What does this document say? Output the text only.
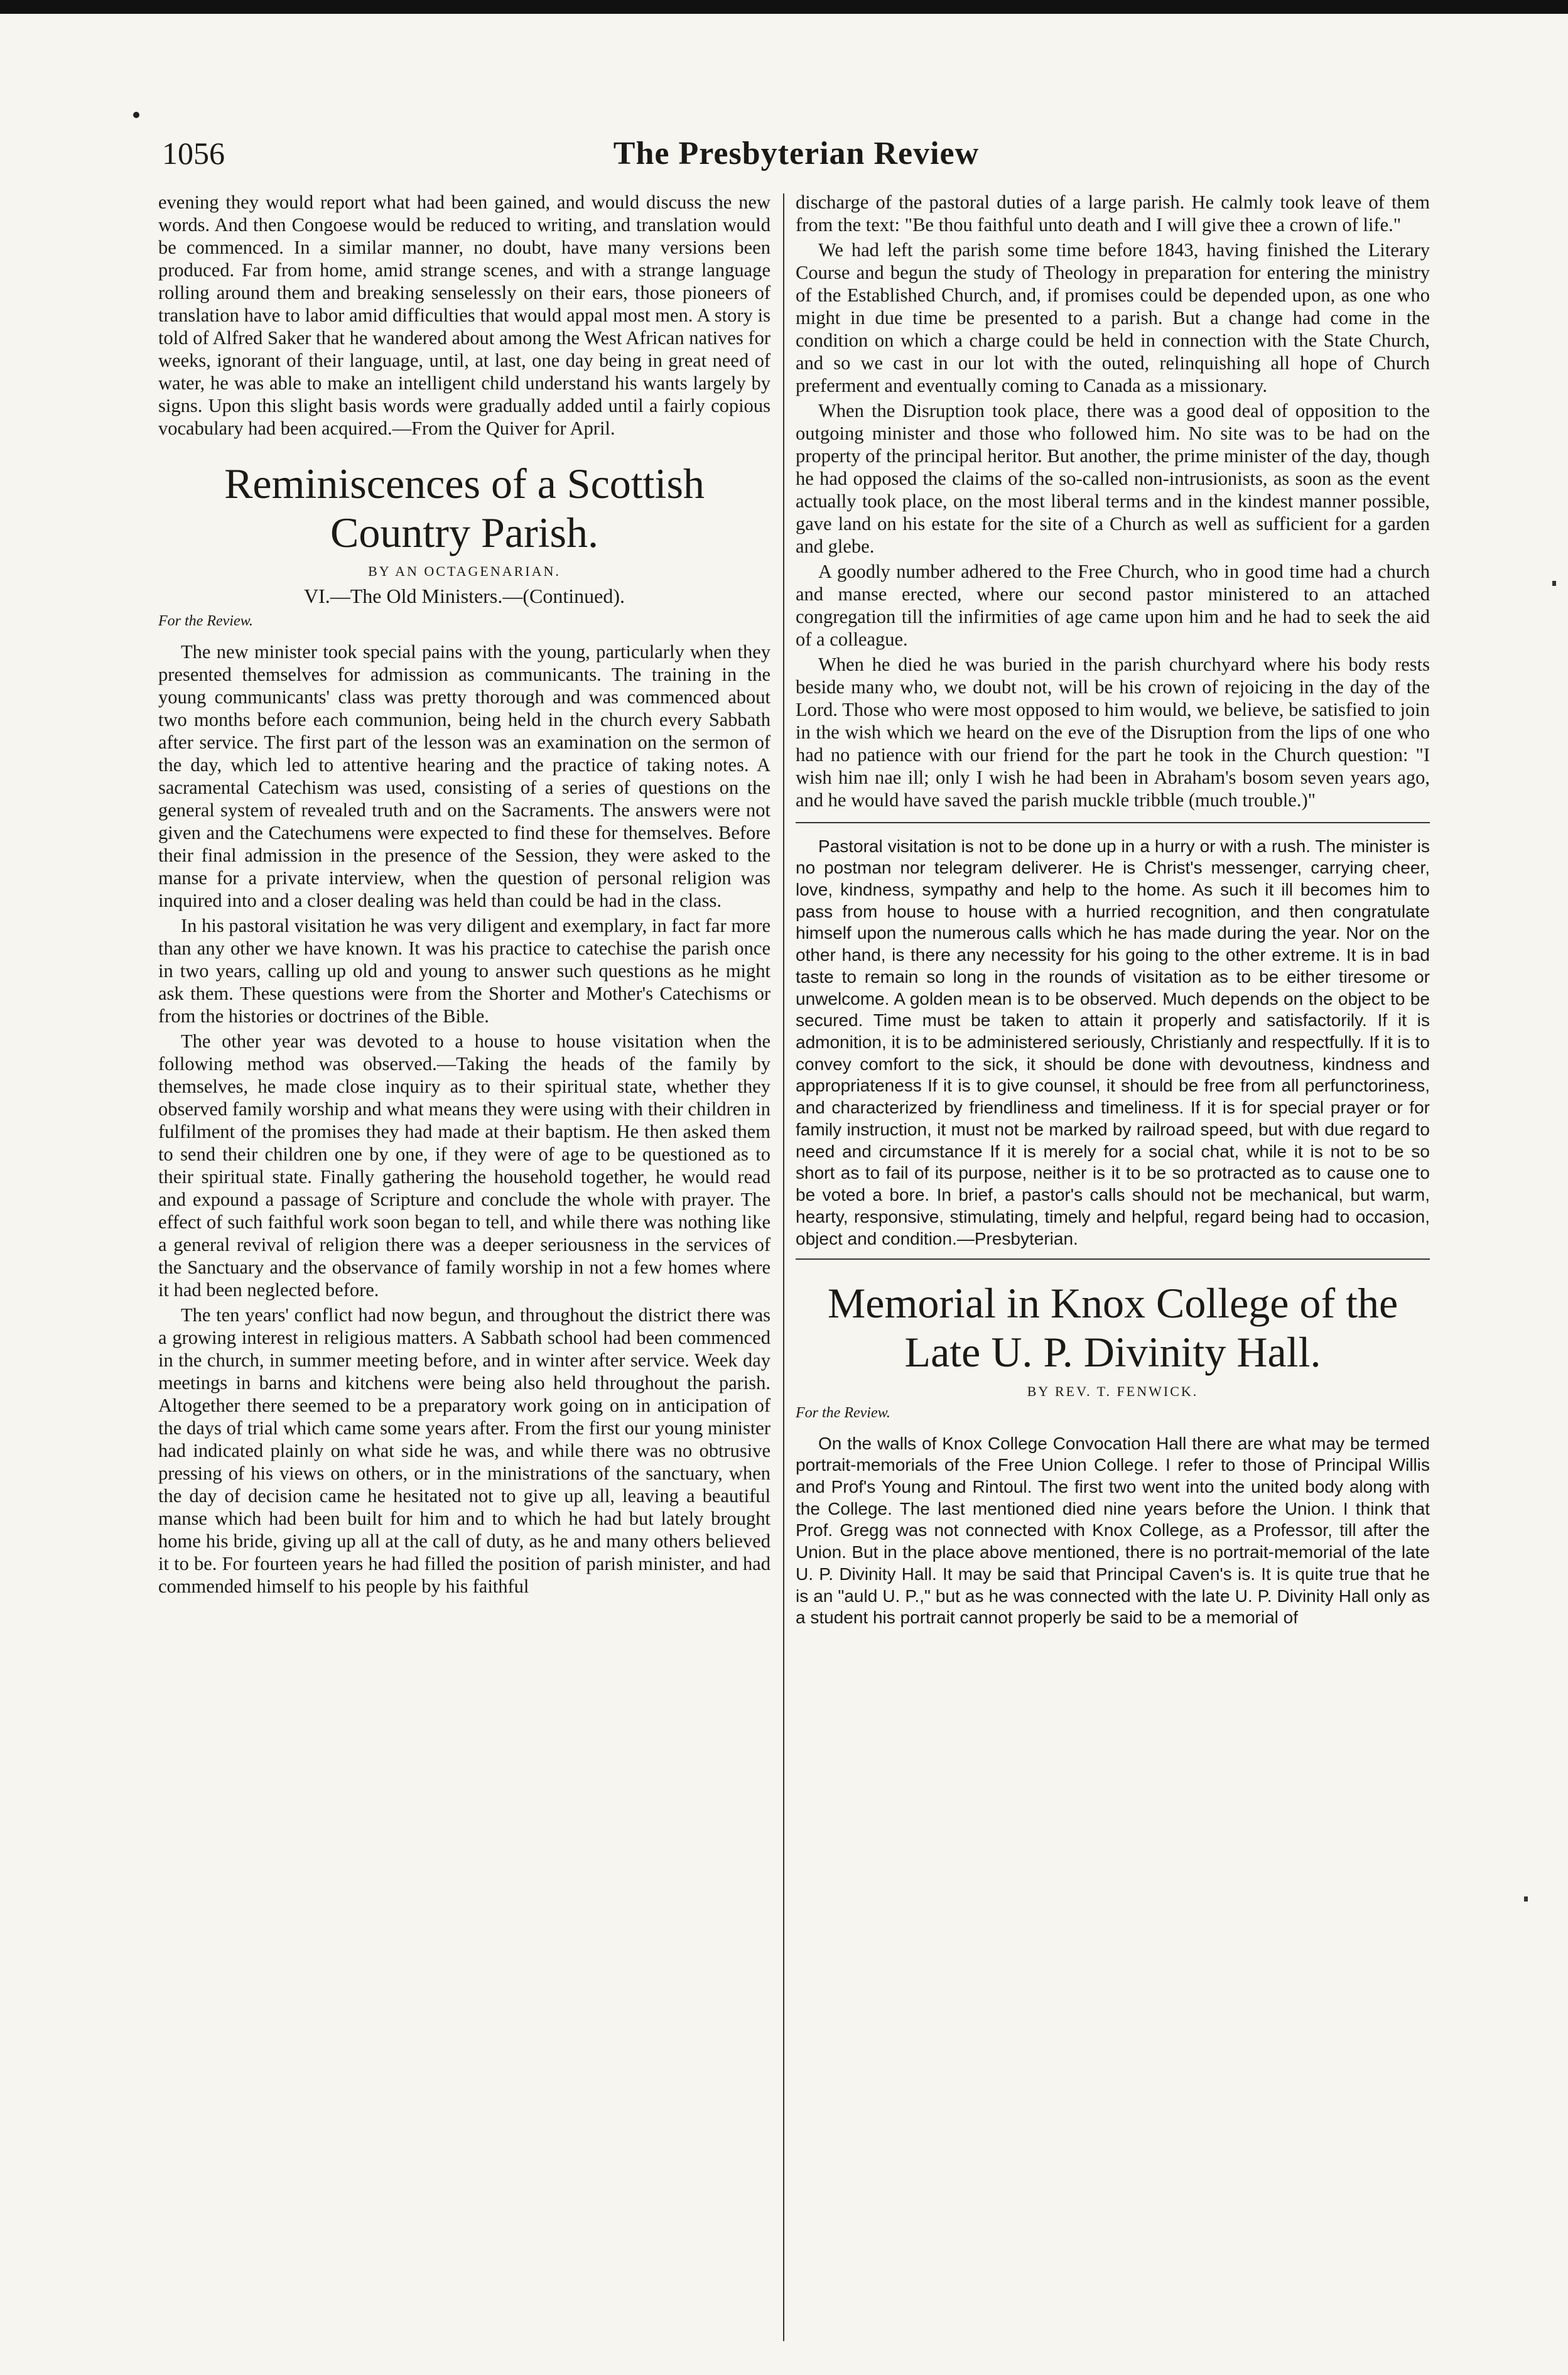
1056	The Presbyterian Review

evening they would report what had been gained, and would discuss the new words. And then Congoese would be reduced to writing, and translation would be commenced. In a similar manner, no doubt, have many versions been produced. Far from home, amid strange scenes, and with a strange language rolling around them and breaking senselessly on their ears, those pioneers of translation have to labor amid difficulties that would appal most men. A story is told of Alfred Saker that he wandered about among the West African natives for weeks, ignorant of their language, until, at last, one day being in great need of water, he was able to make an intelligent child understand his wants largely by signs. Upon this slight basis words were gradually added until a fairly copious vocabulary had been acquired.—From the Quiver for April.

Reminiscences of a Scottish Country Parish.
BY AN OCTAGENARIAN.
VI.—The Old Ministers.—(Continued).
For the Review.

The new minister took special pains with the young, particularly when they presented themselves for admission as communicants. The training in the young communicants' class was pretty thorough and was commenced about two months before each communion, being held in the church every Sabbath after service. The first part of the lesson was an examination on the sermon of the day, which led to attentive hearing and the practice of taking notes. A sacramental Catechism was used, consisting of a series of questions on the general system of revealed truth and on the Sacraments. The answers were not given and the Catechumens were expected to find these for themselves. Before their final admission in the presence of the Session, they were asked to the manse for a private interview, when the question of personal religion was inquired into and a closer dealing was held than could be had in the class.

In his pastoral visitation he was very diligent and exemplary, in fact far more than any other we have known. It was his practice to catechise the parish once in two years, calling up old and young to answer such questions as he might ask them. These questions were from the Shorter and Mother's Catechisms or from the histories or doctrines of the Bible.

The other year was devoted to a house to house visitation when the following method was observed.—Taking the heads of the family by themselves, he made close inquiry as to their spiritual state, whether they observed family worship and what means they were using with their children in fulfilment of the promises they had made at their baptism. He then asked them to send their children one by one, if they were of age to be questioned as to their spiritual state. Finally gathering the household together, he would read and expound a passage of Scripture and conclude the whole with prayer. The effect of such faithful work soon began to tell, and while there was nothing like a general revival of religion there was a deeper seriousness in the services of the Sanctuary and the observance of family worship in not a few homes where it had been neglected before.

The ten years' conflict had now begun, and throughout the district there was a growing interest in religious matters. A Sabbath school had been commenced in the church, in summer meeting before, and in winter after service. Week day meetings in barns and kitchens were being also held throughout the parish. Altogether there seemed to be a preparatory work going on in anticipation of the days of trial which came some years after. From the first our young minister had indicated plainly on what side he was, and while there was no obtrusive pressing of his views on others, or in the ministrations of the sanctuary, when the day of decision came he hesitated not to give up all, leaving a beautiful manse which had been built for him and to which he had but lately brought home his bride, giving up all at the call of duty, as he and many others believed it to be. For fourteen years he had filled the position of parish minister, and had commended himself to his people by his faithful

discharge of the pastoral duties of a large parish. He calmly took leave of them from the text: "Be thou faithful unto death and I will give thee a crown of life."

We had left the parish some time before 1843, having finished the Literary Course and begun the study of Theology in preparation for entering the ministry of the Established Church, and, if promises could be depended upon, as one who might in due time be presented to a parish. But a change had come in the condition on which a charge could be held in connection with the State Church, and so we cast in our lot with the outed, relinquishing all hope of Church preferment and eventually coming to Canada as a missionary.

When the Disruption took place, there was a good deal of opposition to the outgoing minister and those who followed him. No site was to be had on the property of the principal heritor. But another, the prime minister of the day, though he had opposed the claims of the so-called non-intrusionists, as soon as the event actually took place, on the most liberal terms and in the kindest manner possible, gave land on his estate for the site of a Church as well as sufficient for a garden and glebe.

A goodly number adhered to the Free Church, who in good time had a church and manse erected, where our second pastor ministered to an attached congregation till the infirmities of age came upon him and he had to seek the aid of a colleague.

When he died he was buried in the parish churchyard where his body rests beside many who, we doubt not, will be his crown of rejoicing in the day of the Lord. Those who were most opposed to him would, we believe, be satisfied to join in the wish which we heard on the eve of the Disruption from the lips of one who had no patience with our friend for the part he took in the Church question: "I wish him nae ill; only I wish he had been in Abraham's bosom seven years ago, and he would have saved the parish muckle tribble (much trouble.)"

Pastoral visitation is not to be done up in a hurry or with a rush. The minister is no postman nor telegram deliverer. He is Christ's messenger, carrying cheer, love, kindness, sympathy and help to the home. As such it ill becomes him to pass from house to house with a hurried recognition, and then congratulate himself upon the numerous calls which he has made during the year. Nor on the other hand, is there any necessity for his going to the other extreme. It is in bad taste to remain so long in the rounds of visitation as to be either tiresome or unwelcome. A golden mean is to be observed. Much depends on the object to be secured. Time must be taken to attain it properly and satisfactorily. If it is admonition, it is to be administered seriously, Christianly and respectfully. If it is to convey comfort to the sick, it should be done with devoutness, kindness and appropriateness If it is to give counsel, it should be free from all perfunctoriness, and characterized by friendliness and timeliness. If it is for special prayer or for family instruction, it must not be marked by railroad speed, but with due regard to need and circumstance If it is merely for a social chat, while it is not to be so short as to fail of its purpose, neither is it to be so protracted as to cause one to be voted a bore. In brief, a pastor's calls should not be mechanical, but warm, hearty, responsive, stimulating, timely and helpful, regard being had to occasion, object and condition.—Presbyterian.

Memorial in Knox College of the Late U. P. Divinity Hall.
BY REV. T. FENWICK.
For the Review.

On the walls of Knox College Convocation Hall there are what may be termed portrait-memorials of the Free Union College. I refer to those of Principal Willis and Prof's Young and Rintoul. The first two went into the united body along with the College. The last mentioned died nine years before the Union. I think that Prof. Gregg was not connected with Knox College, as a Professor, till after the Union. But in the place above mentioned, there is no portrait-memorial of the late U. P. Divinity Hall. It may be said that Principal Caven's is. It is quite true that he is an "auld U. P.," but as he was connected with the late U. P. Divinity Hall only as a student his portrait cannot properly be said to be a memorial of
